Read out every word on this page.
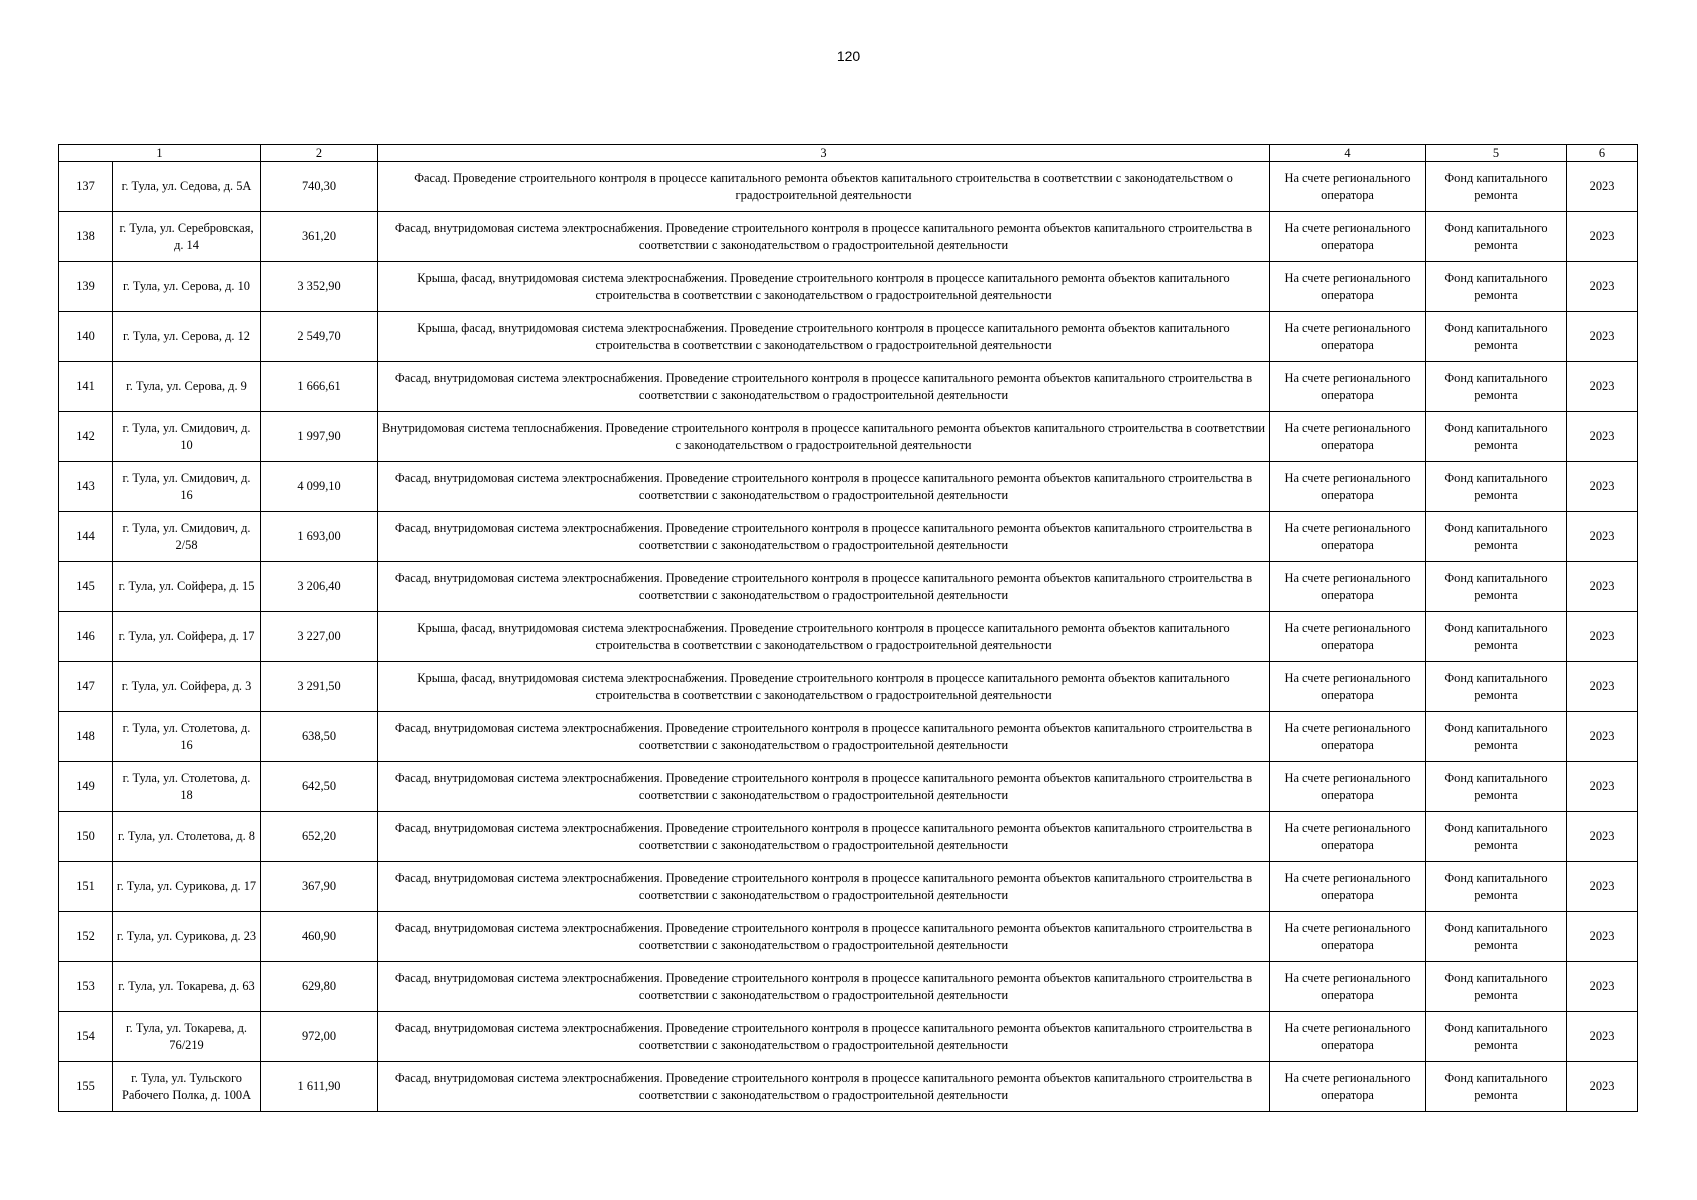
120
1		2	3	4	5	6
137	г. Тула, ул. Седова, д. 5А	740,30	Фасад. Проведение строительного контроля в процессе капитального ремонта объектов капитального строительства в соответствии с законодательством о градостроительной деятельности	На счете регионального оператора	Фонд капитального ремонта	2023
138	г. Тула, ул. Серебровская, д. 14	361,20	Фасад, внутридомовая система электроснабжения. Проведение строительного контроля в процессе капитального ремонта объектов капитального строительства в соответствии с законодательством о градостроительной деятельности	На счете регионального оператора	Фонд капитального ремонта	2023
139	г. Тула, ул. Серова, д. 10	3 352,90	Крыша, фасад, внутридомовая система электроснабжения. Проведение строительного контроля в процессе капитального ремонта объектов капитального строительства в соответствии с законодательством о градостроительной деятельности	На счете регионального оператора	Фонд капитального ремонта	2023
140	г. Тула, ул. Серова, д. 12	2 549,70	Крыша, фасад, внутридомовая система электроснабжения. Проведение строительного контроля в процессе капитального ремонта объектов капитального строительства в соответствии с законодательством о градостроительной деятельности	На счете регионального оператора	Фонд капитального ремонта	2023
141	г. Тула, ул. Серова, д. 9	1 666,61	Фасад, внутридомовая система электроснабжения. Проведение строительного контроля в процессе капитального ремонта объектов капитального строительства в соответствии с законодательством о градостроительной деятельности	На счете регионального оператора	Фонд капитального ремонта	2023
142	г. Тула, ул. Смидович, д. 10	1 997,90	Внутридомовая система теплоснабжения. Проведение строительного контроля в процессе капитального ремонта объектов капитального строительства в соответствии с законодательством о градостроительной деятельности	На счете регионального оператора	Фонд капитального ремонта	2023
143	г. Тула, ул. Смидович, д. 16	4 099,10	Фасад, внутридомовая система электроснабжения. Проведение строительного контроля в процессе капитального ремонта объектов капитального строительства в соответствии с законодательством о градостроительной деятельности	На счете регионального оператора	Фонд капитального ремонта	2023
144	г. Тула, ул. Смидович, д. 2/58	1 693,00	Фасад, внутридомовая система электроснабжения. Проведение строительного контроля в процессе капитального ремонта объектов капитального строительства в соответствии с законодательством о градостроительной деятельности	На счете регионального оператора	Фонд капитального ремонта	2023
145	г. Тула, ул. Сойфера, д. 15	3 206,40	Фасад, внутридомовая система электроснабжения. Проведение строительного контроля в процессе капитального ремонта объектов капитального строительства в соответствии с законодательством о градостроительной деятельности	На счете регионального оператора	Фонд капитального ремонта	2023
146	г. Тула, ул. Сойфера, д. 17	3 227,00	Крыша, фасад, внутридомовая система электроснабжения. Проведение строительного контроля в процессе капитального ремонта объектов капитального строительства в соответствии с законодательством о градостроительной деятельности	На счете регионального оператора	Фонд капитального ремонта	2023
147	г. Тула, ул. Сойфера, д. 3	3 291,50	Крыша, фасад, внутридомовая система электроснабжения. Проведение строительного контроля в процессе капитального ремонта объектов капитального строительства в соответствии с законодательством о градостроительной деятельности	На счете регионального оператора	Фонд капитального ремонта	2023
148	г. Тула, ул. Столетова, д. 16	638,50	Фасад, внутридомовая система электроснабжения. Проведение строительного контроля в процессе капитального ремонта объектов капитального строительства в соответствии с законодательством о градостроительной деятельности	На счете регионального оператора	Фонд капитального ремонта	2023
149	г. Тула, ул. Столетова, д. 18	642,50	Фасад, внутридомовая система электроснабжения. Проведение строительного контроля в процессе капитального ремонта объектов капитального строительства в соответствии с законодательством о градостроительной деятельности	На счете регионального оператора	Фонд капитального ремонта	2023
150	г. Тула, ул. Столетова, д. 8	652,20	Фасад, внутридомовая система электроснабжения. Проведение строительного контроля в процессе капитального ремонта объектов капитального строительства в соответствии с законодательством о градостроительной деятельности	На счете регионального оператора	Фонд капитального ремонта	2023
151	г. Тула, ул. Сурикова, д. 17	367,90	Фасад, внутридомовая система электроснабжения. Проведение строительного контроля в процессе капитального ремонта объектов капитального строительства в соответствии с законодательством о градостроительной деятельности	На счете регионального оператора	Фонд капитального ремонта	2023
152	г. Тула, ул. Сурикова, д. 23	460,90	Фасад, внутридомовая система электроснабжения. Проведение строительного контроля в процессе капитального ремонта объектов капитального строительства в соответствии с законодательством о градостроительной деятельности	На счете регионального оператора	Фонд капитального ремонта	2023
153	г. Тула, ул. Токарева, д. 63	629,80	Фасад, внутридомовая система электроснабжения. Проведение строительного контроля в процессе капитального ремонта объектов капитального строительства в соответствии с законодательством о градостроительной деятельности	На счете регионального оператора	Фонд капитального ремонта	2023
154	г. Тула, ул. Токарева, д. 76/219	972,00	Фасад, внутридомовая система электроснабжения. Проведение строительного контроля в процессе капитального ремонта объектов капитального строительства в соответствии с законодательством о градостроительной деятельности	На счете регионального оператора	Фонд капитального ремонта	2023
155	г. Тула, ул. Тульского Рабочего Полка, д. 100А	1 611,90	Фасад, внутридомовая система электроснабжения. Проведение строительного контроля в процессе капитального ремонта объектов капитального строительства в соответствии с законодательством о градостроительной деятельности	На счете регионального оператора	Фонд капитального ремонта	2023
